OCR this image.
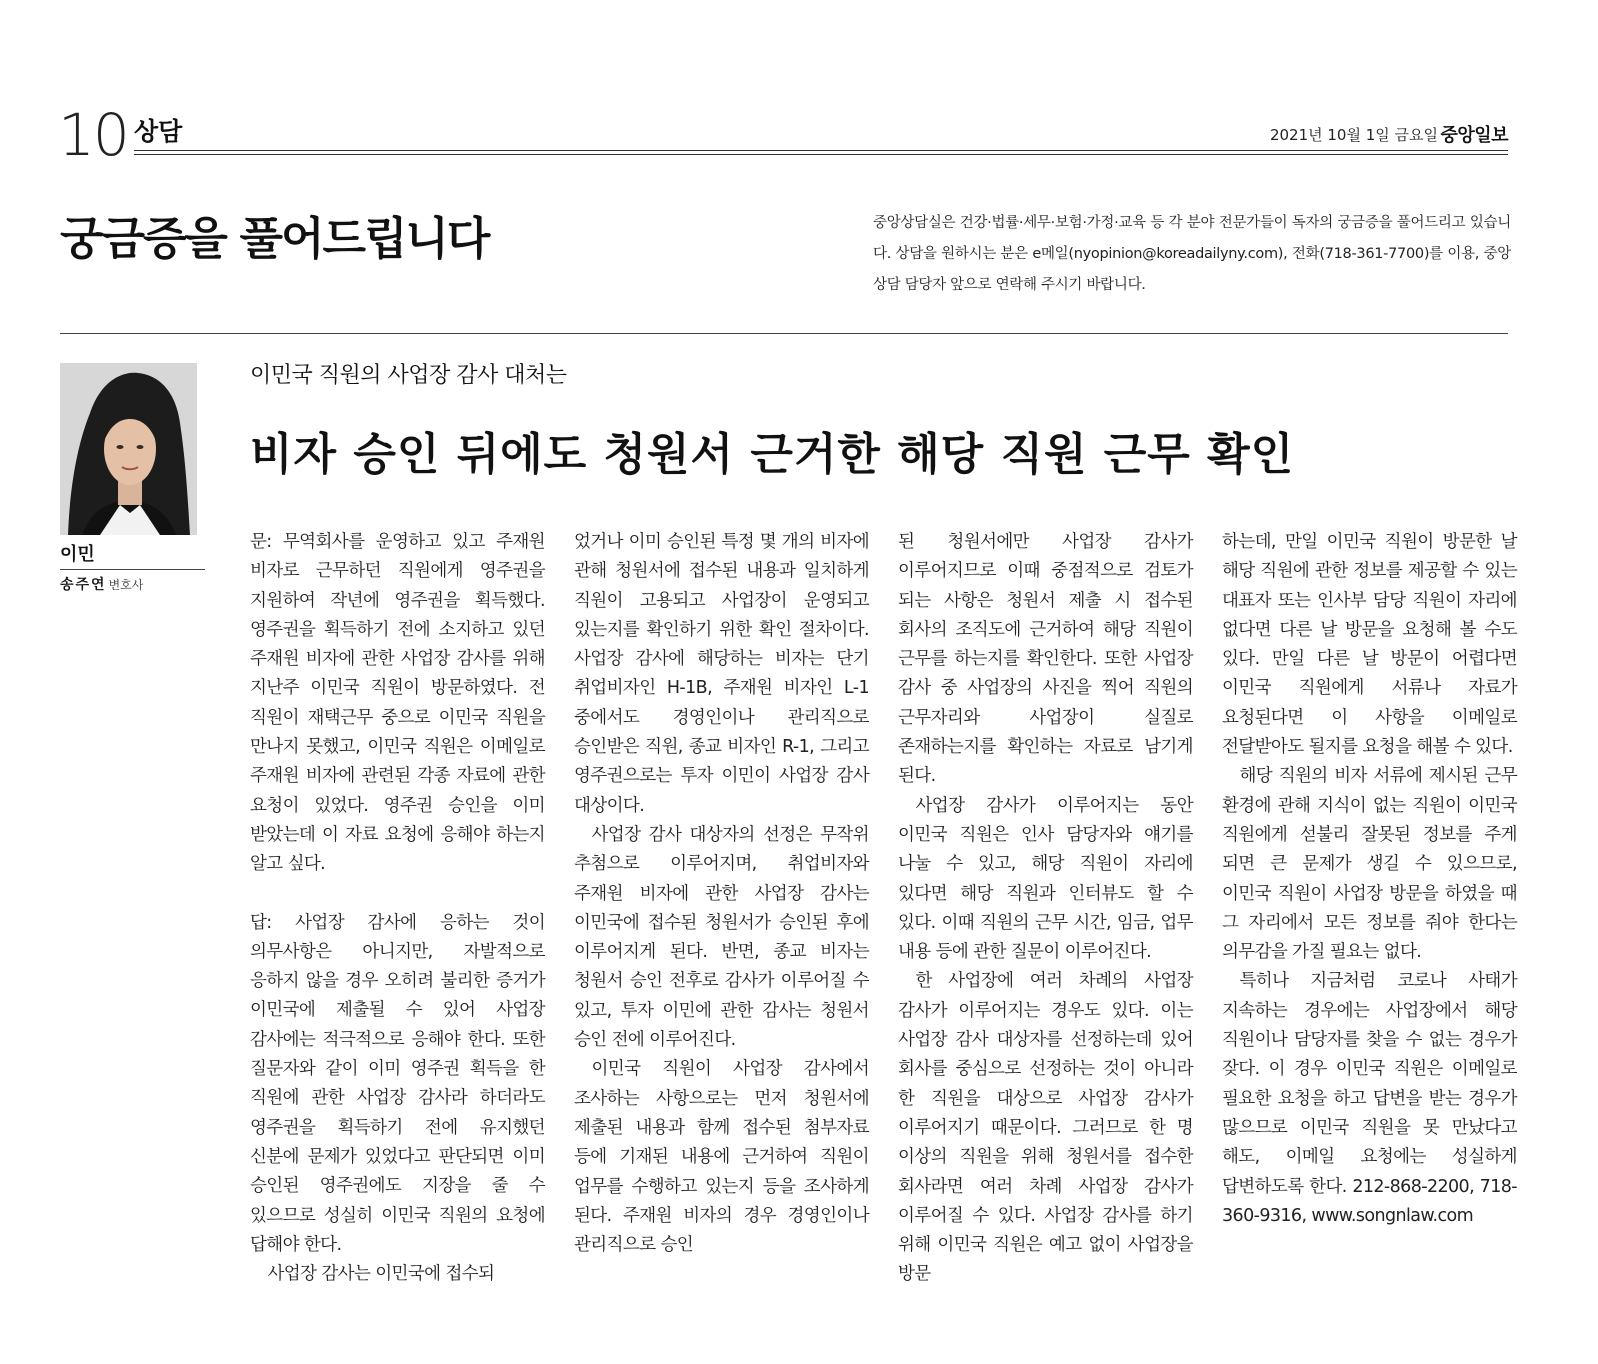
10 상담	2021년 10월 1일 금요일 중앙일보
궁금증을 풀어드립니다	중앙상담실은 건강·법률·세무·보험·가정·교육 등 각 분야 전문가들이 독자의 궁금증을 풀어드리고 있습니다. 상담을 원하시는 분은 e메일(nyopinion@koreadailyny.com), 전화(718-361-7700)를 이용, 중앙상담 담당자 앞으로 연락해 주시기 바랍니다.
이민
송주연 변호사
이민국 직원의 사업장 감사 대처는
비자 승인 뒤에도 청원서 근거한 해당 직원 근무 확인

문: 무역회사를 운영하고 있고 주재원 비자로 근무하던 직원에게 영주권을 지원하여 작년에 영주권을 획득했다. 영주권을 획득하기 전에 소지하고 있던 주재원 비자에 관한 사업장 감사를 위해 지난주 이민국 직원이 방문하였다. 전 직원이 재택근무 중으로 이민국 직원을 만나지 못했고, 이민국 직원은 이메일로 주재원 비자에 관련된 각종 자료에 관한 요청이 있었다. 영주권 승인을 이미 받았는데 이 자료 요청에 응해야 하는지 알고 싶다.

답: 사업장 감사에 응하는 것이 의무사항은 아니지만, 자발적으로 응하지 않을 경우 오히려 불리한 증거가 이민국에 제출될 수 있어 사업장 감사에는 적극적으로 응해야 한다. 또한 질문자와 같이 이미 영주권 획득을 한 직원에 관한 사업장 감사라 하더라도 영주권을 획득하기 전에 유지했던 신분에 문제가 있었다고 판단되면 이미 승인된 영주권에도 지장을 줄 수 있으므로 성실히 이민국 직원의 요청에 답해야 한다.

사업장 감사는 이민국에 접수되

었거나 이미 승인된 특정 몇 개의 비자에 관해 청원서에 접수된 내용과 일치하게 직원이 고용되고 사업장이 운영되고 있는지를 확인하기 위한 확인 절차이다. 사업장 감사에 해당하는 비자는 단기 취업비자인 H-1B, 주재원 비자인 L-1 중에서도 경영인이나 관리직으로 승인받은 직원, 종교 비자인 R-1, 그리고 영주권으로는 투자 이민이 사업장 감사 대상이다.

사업장 감사 대상자의 선정은 무작위 추첨으로 이루어지며, 취업비자와 주재원 비자에 관한 사업장 감사는 이민국에 접수된 청원서가 승인된 후에 이루어지게 된다. 반면, 종교 비자는 청원서 승인 전후로 감사가 이루어질 수 있고, 투자 이민에 관한 감사는 청원서 승인 전에 이루어진다.

이민국 직원이 사업장 감사에서 조사하는 사항으로는 먼저 청원서에 제출된 내용과 함께 접수된 첨부자료 등에 기재된 내용에 근거하여 직원이 업무를 수행하고 있는지 등을 조사하게 된다. 주재원 비자의 경우 경영인이나 관리직으로 승인

된 청원서에만 사업장 감사가 이루어지므로 이때 중점적으로 검토가 되는 사항은 청원서 제출 시 접수된 회사의 조직도에 근거하여 해당 직원이 근무를 하는지를 확인한다. 또한 사업장 감사 중 사업장의 사진을 찍어 직원의 근무자리와 사업장이 실질로 존재하는지를 확인하는 자료로 남기게 된다.

사업장 감사가 이루어지는 동안 이민국 직원은 인사 담당자와 얘기를 나눌 수 있고, 해당 직원이 자리에 있다면 해당 직원과 인터뷰도 할 수 있다. 이때 직원의 근무 시간, 임금, 업무 내용 등에 관한 질문이 이루어진다.

한 사업장에 여러 차례의 사업장 감사가 이루어지는 경우도 있다. 이는 사업장 감사 대상자를 선정하는데 있어 회사를 중심으로 선정하는 것이 아니라 한 직원을 대상으로 사업장 감사가 이루어지기 때문이다. 그러므로 한 명 이상의 직원을 위해 청원서를 접수한 회사라면 여러 차례 사업장 감사가 이루어질 수 있다. 사업장 감사를 하기 위해 이민국 직원은 예고 없이 사업장을 방문

하는데, 만일 이민국 직원이 방문한 날 해당 직원에 관한 정보를 제공할 수 있는 대표자 또는 인사부 담당 직원이 자리에 없다면 다른 날 방문을 요청해 볼 수도 있다. 만일 다른 날 방문이 어렵다면 이민국 직원에게 서류나 자료가 요청된다면 이 사항을 이메일로 전달받아도 될지를 요청을 해볼 수 있다.

해당 직원의 비자 서류에 제시된 근무 환경에 관해 지식이 없는 직원이 이민국 직원에게 섣불리 잘못된 정보를 주게 되면 큰 문제가 생길 수 있으므로, 이민국 직원이 사업장 방문을 하였을 때 그 자리에서 모든 정보를 줘야 한다는 의무감을 가질 필요는 없다.

특히나 지금처럼 코로나 사태가 지속하는 경우에는 사업장에서 해당 직원이나 담당자를 찾을 수 없는 경우가 잦다. 이 경우 이민국 직원은 이메일로 필요한 요청을 하고 답변을 받는 경우가 많으므로 이민국 직원을 못 만났다고 해도, 이메일 요청에는 성실하게 답변하도록 한다. 212-868-2200, 718-360-9316, www.songnlaw.com
